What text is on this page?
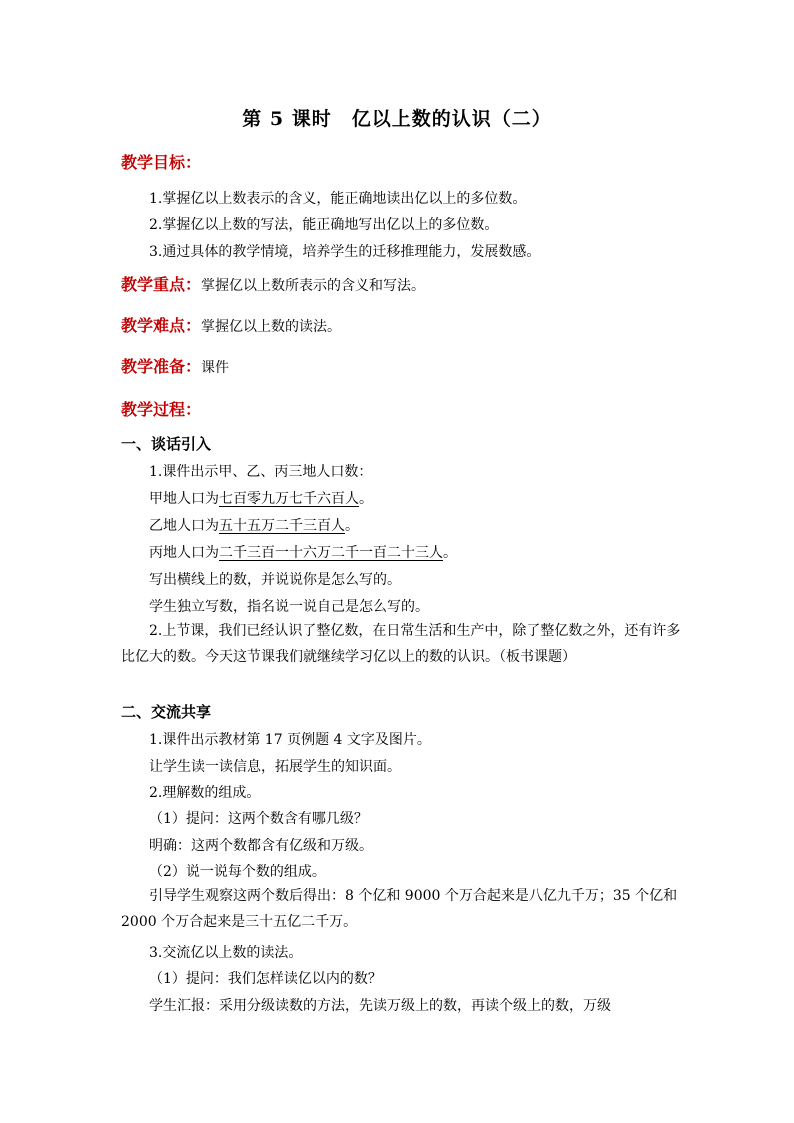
第 5 课时　亿以上数的认识（二）
教学目标：
1.掌握亿以上数表示的含义，能正确地读出亿以上的多位数。
2.掌握亿以上数的写法，能正确地写出亿以上的多位数。
3.通过具体的教学情境，培养学生的迁移推理能力，发展数感。
教学重点：掌握亿以上数所表示的含义和写法。
教学难点：掌握亿以上数的读法。
教学准备：课件
教学过程：
一、谈话引入
1.课件出示甲、乙、丙三地人口数：
甲地人口为七百零九万七千六百人。
乙地人口为五十五万二千三百人。
丙地人口为二千三百一十六万二千一百二十三人。
写出横线上的数，并说说你是怎么写的。
学生独立写数，指名说一说自己是怎么写的。
2.上节课，我们已经认识了整亿数，在日常生活和生产中，除了整亿数之外，还有许多比亿大的数。今天这节课我们就继续学习亿以上的数的认识。（板书课题）
二、交流共享
1.课件出示教材第 17 页例题 4 文字及图片。
让学生读一读信息，拓展学生的知识面。
2.理解数的组成。
（1）提问：这两个数含有哪几级？
明确：这两个数都含有亿级和万级。
（2）说一说每个数的组成。
引导学生观察这两个数后得出：8 个亿和 9000 个万合起来是八亿九千万；35 个亿和 2000 个万合起来是三十五亿二千万。
3.交流亿以上数的读法。
（1）提问：我们怎样读亿以内的数？
学生汇报：采用分级读数的方法，先读万级上的数，再读个级上的数，万级
